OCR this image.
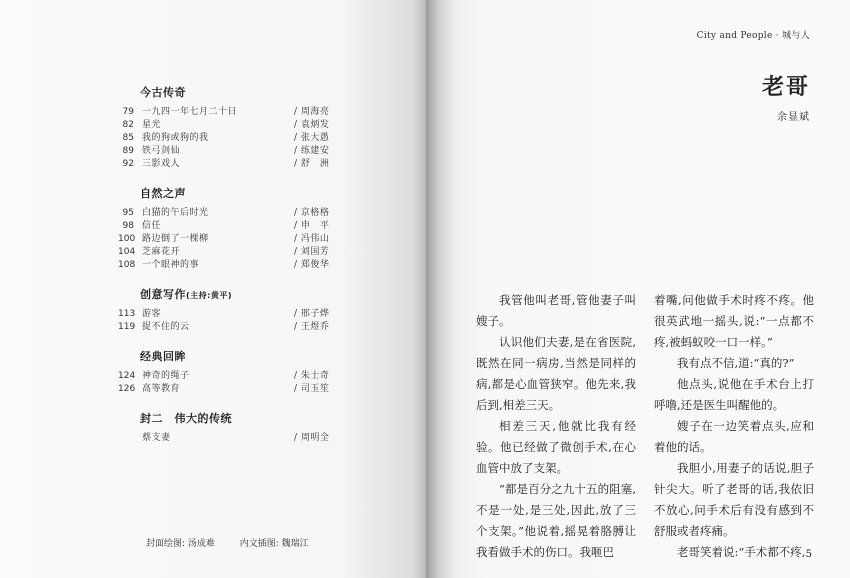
今古传奇
79 一九四一年七月二十日	/ 周海亮
82 星光	/ 袁炳发
85 我的狗或狗的我	/ 张大愚
89 铁弓剑仙	/ 练建安
92 三影戏人	/ 舒　洲
自然之声
95 白猫的午后时光	/ 京格格
98 信任	/ 申　平
100 路边倒了一棵柳	/ 冯伟山
104 芝麻花开	/ 刘国芳
108 一个眼神的事	/ 郑俊华
创意写作(主持:黄平)
113 游客	/ 邢子烨
119 捉不住的云	/ 王煜乔
经典回眸
124 神奇的绳子	/ 朱士奇
126 高等教育	/ 司玉笙
封二　伟大的传统
蔡支妻	/ 周明全
封面绘图: 汤成难	内文插图: 魏瑞江
City and People · 城与人
老哥
余显斌

我管他叫老哥,管他妻子叫嫂子。

认识他们夫妻,是在省医院,既然在同一病房,当然是同样的病,都是心血管狭窄。他先来,我后到,相差三天。

相差三天,他就比我有经验。他已经做了微创手术,在心血管中放了支架。

“都是百分之九十五的阻塞,不是一处,是三处,因此,放了三个支架。”他说着,摇晃着胳膊让我看做手术的伤口。我咂巴

着嘴,问他做手术时疼不疼。他很英武地一摇头,说:“一点都不疼,被蚂蚁咬一口一样。”

我有点不信,道:“真的?”

他点头,说他在手术台上打呼噜,还是医生叫醒他的。

嫂子在一边笑着点头,应和着他的话。

我胆小,用妻子的话说,胆子针尖大。听了老哥的话,我依旧不放心,问手术后有没有感到不舒服或者疼痛。

老哥笑着说:“手术都不疼, 5
